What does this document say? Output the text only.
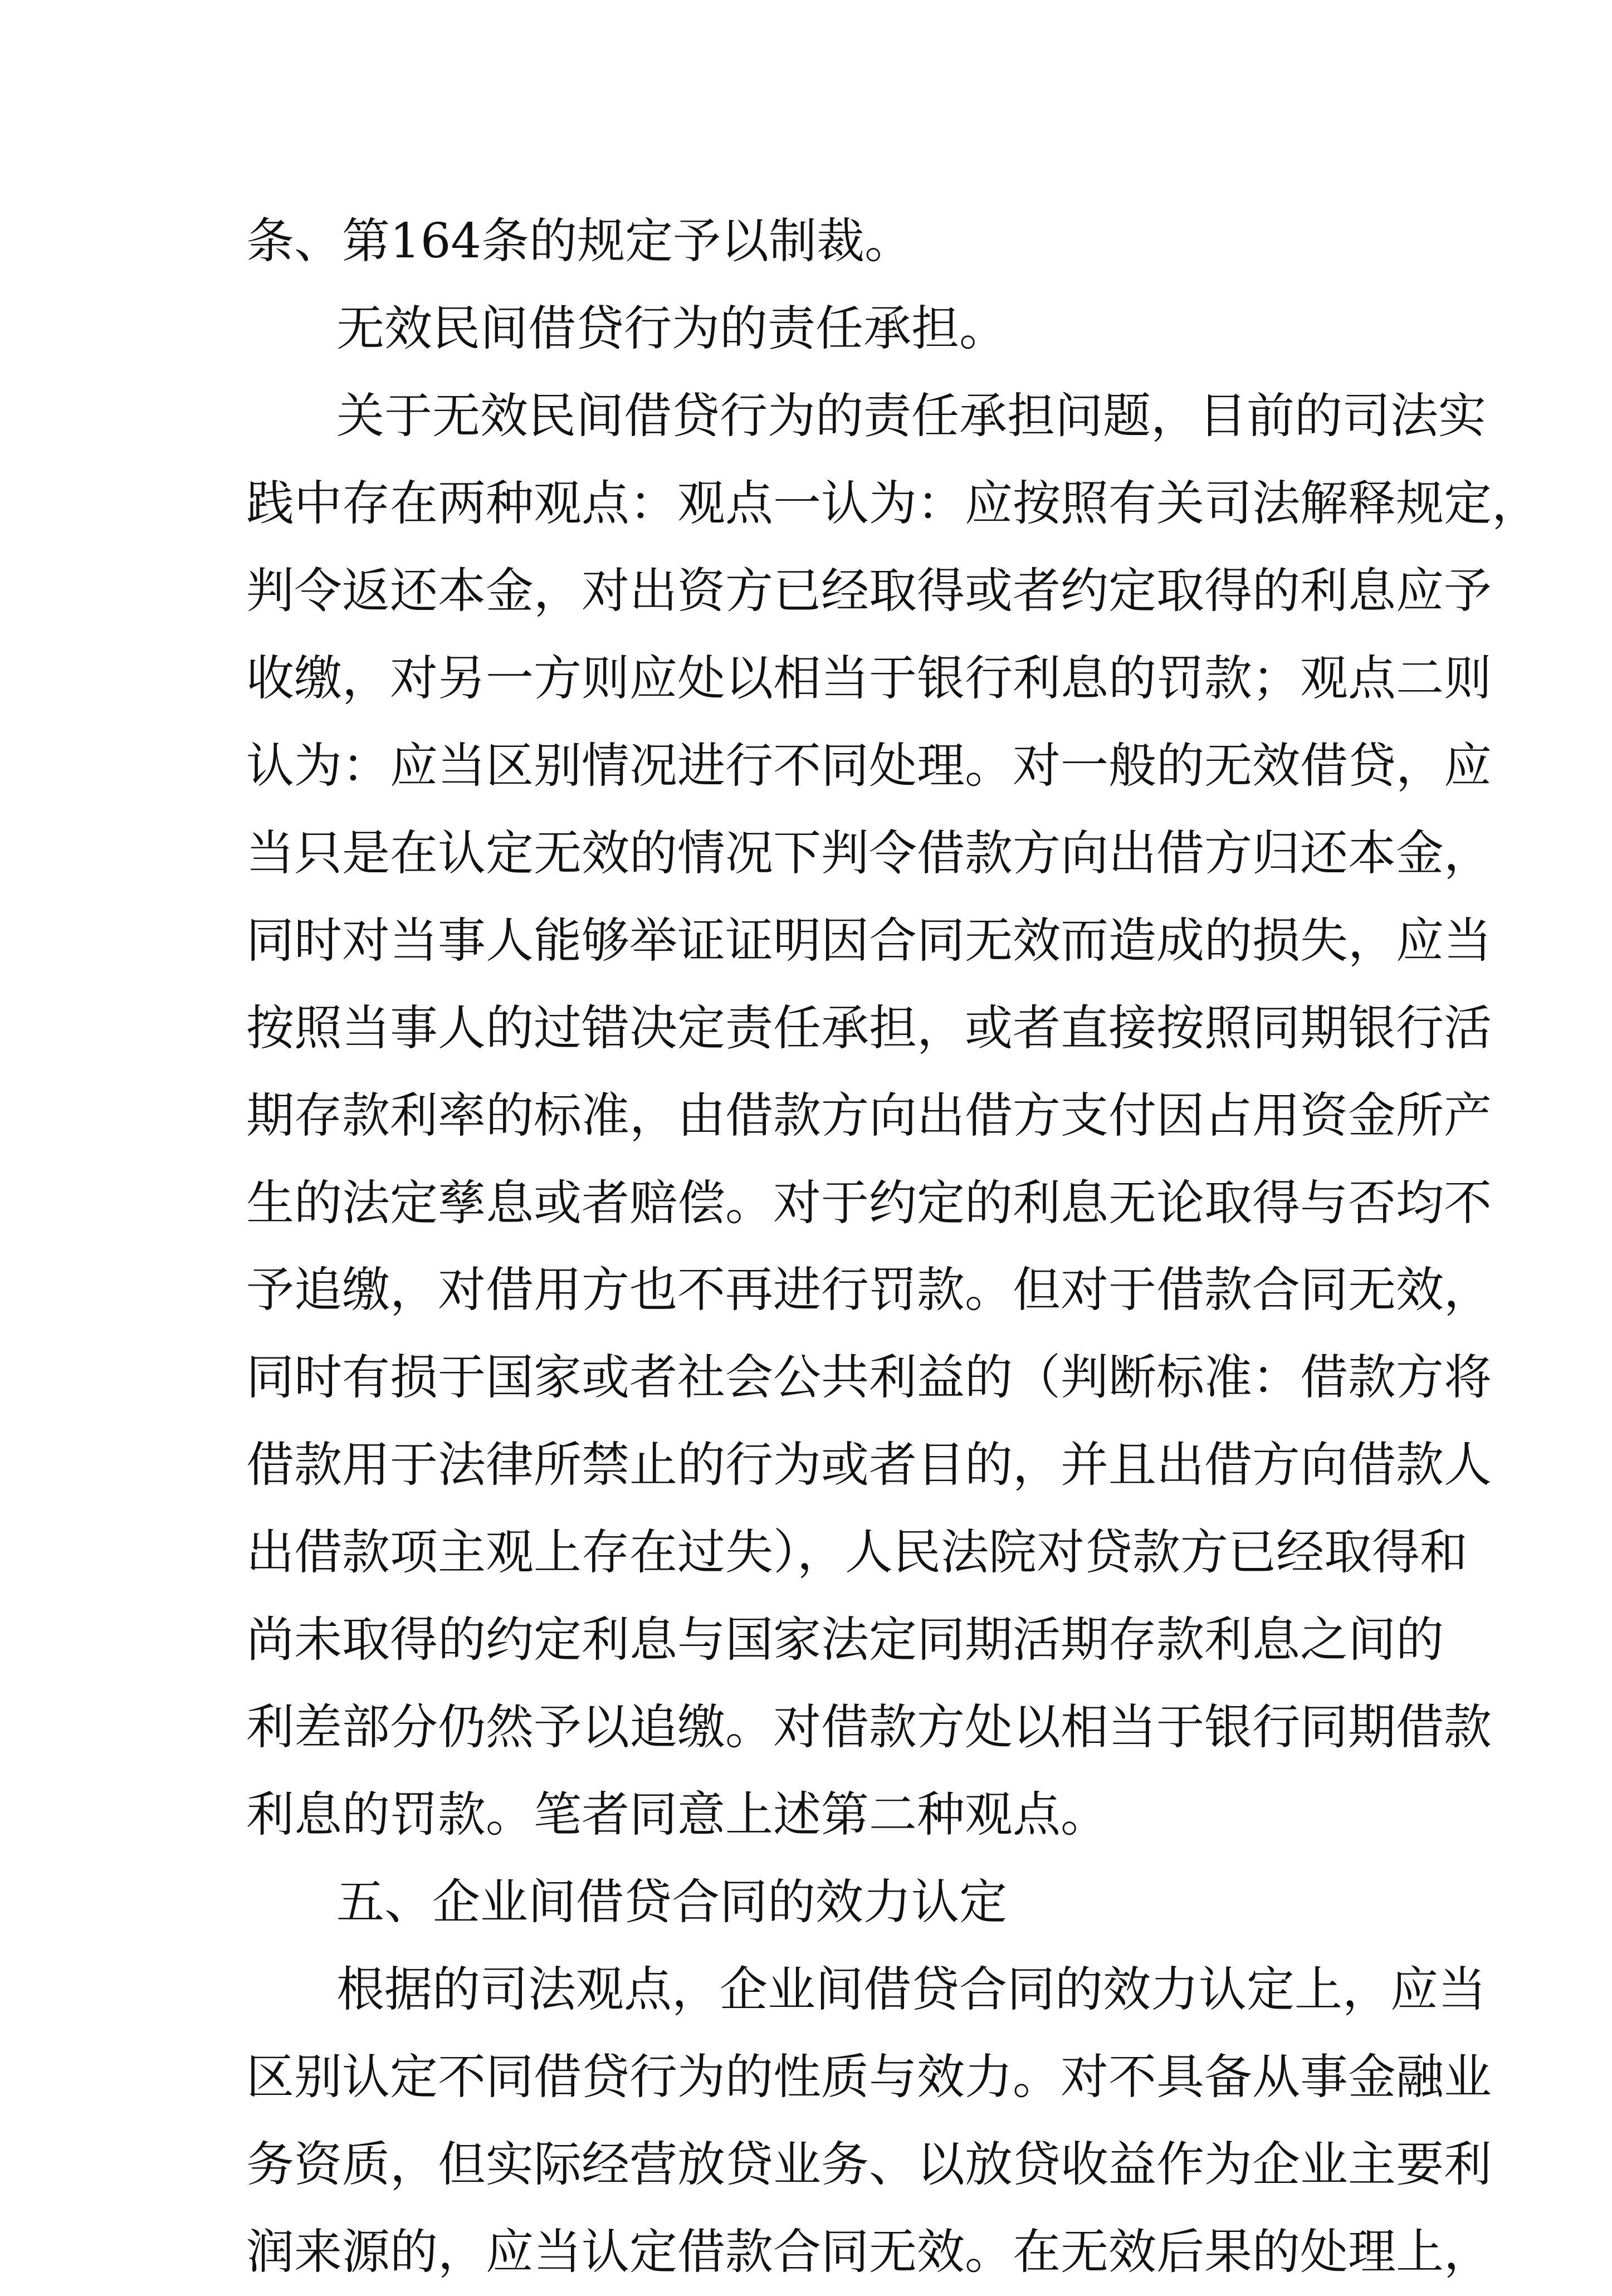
条、第164条的规定予以制裁。
无效民间借贷行为的责任承担。
关于无效民间借贷行为的责任承担问题，目前的司法实
践中存在两种观点：观点一认为：应按照有关司法解释规定，
判令返还本金，对出资方已经取得或者约定取得的利息应予
收缴，对另一方则应处以相当于银行利息的罚款；观点二则
认为：应当区别情况进行不同处理。对一般的无效借贷，应
当只是在认定无效的情况下判令借款方向出借方归还本金，
同时对当事人能够举证证明因合同无效而造成的损失，应当
按照当事人的过错决定责任承担，或者直接按照同期银行活
期存款利率的标准，由借款方向出借方支付因占用资金所产
生的法定孳息或者赔偿。对于约定的利息无论取得与否均不
予追缴，对借用方也不再进行罚款。但对于借款合同无效，
同时有损于国家或者社会公共利益的（判断标准：借款方将
借款用于法律所禁止的行为或者目的，并且出借方向借款人
出借款项主观上存在过失），人民法院对贷款方已经取得和
尚未取得的约定利息与国家法定同期活期存款利息之间的
利差部分仍然予以追缴。对借款方处以相当于银行同期借款
利息的罚款。笔者同意上述第二种观点。
五、企业间借贷合同的效力认定
根据的司法观点，企业间借贷合同的效力认定上，应当
区别认定不同借贷行为的性质与效力。对不具备从事金融业
务资质，但实际经营放贷业务、以放贷收益作为企业主要利
润来源的，应当认定借款合同无效。在无效后果的处理上，
